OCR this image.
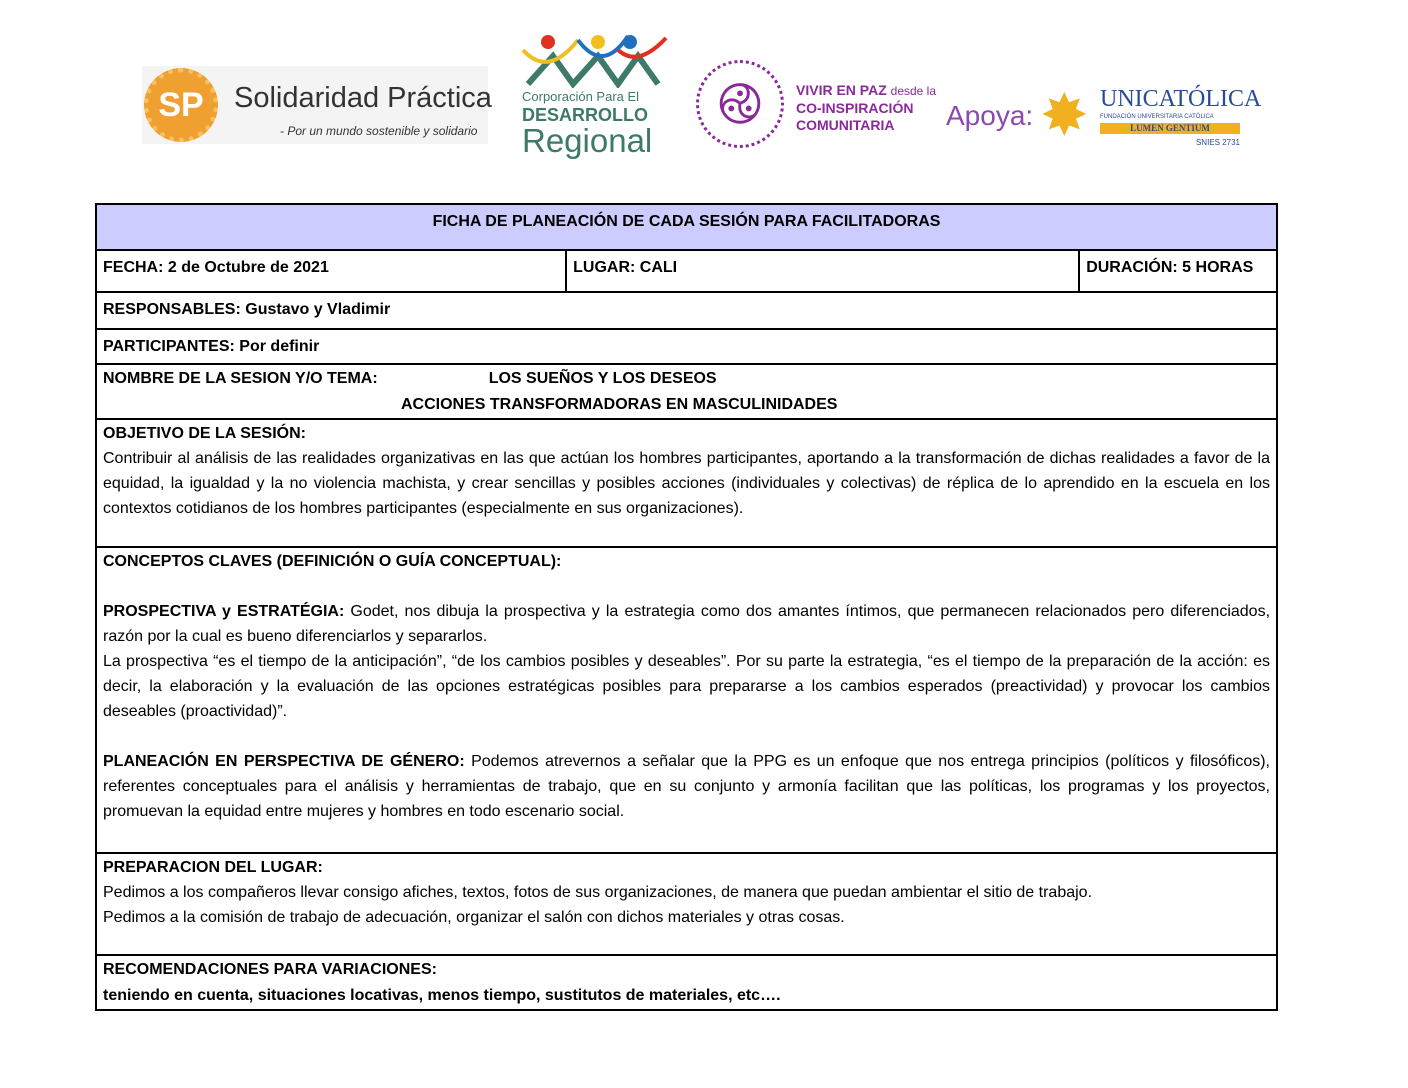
SP	Solidaridad Práctica
- Por un mundo sostenible y solidario
Corporación Para El
DESARROLLO
Regional
࿋	VIVIR EN PAZ desde la
CO-INSPIRACIÓN
COMUNITARIA	Apoya: ✸ UNICATÓLICA
FUNDACIÓN UNIVERSITARIA CATÓLICA
LUMEN GENTIUM
SNIES 2731
FICHA DE PLANEACIÓN DE CADA SESIÓN PARA FACILITADORAS
FECHA: 2 de Octubre de 2021	LUGAR: CALI	DURACIÓN: 5 HORAS
RESPONSABLES: Gustavo y Vladimir
PARTICIPANTES: Por definir
NOMBRE DE LA SESION Y/O TEMA:	LOS SUEÑOS Y LOS DESEOS
ACCIONES TRANSFORMADORAS EN MASCULINIDADES
OBJETIVO DE LA SESIÓN:
Contribuir al análisis de las realidades organizativas en las que actúan los hombres participantes, aportando a la transformación de dichas realidades a favor de la equidad, la igualdad y la no violencia machista, y crear sencillas y posibles acciones (individuales y colectivas) de réplica de lo aprendido en la escuela en los contextos cotidianos de los hombres participantes (especialmente en sus organizaciones).
CONCEPTOS CLAVES (DEFINICIÓN O GUÍA CONCEPTUAL):

PROSPECTIVA y ESTRATÉGIA: Godet, nos dibuja la prospectiva y la estrategia como dos amantes íntimos, que permanecen relacionados pero diferenciados, razón por la cual es bueno diferenciarlos y separarlos.
La prospectiva “es el tiempo de la anticipación”, “de los cambios posibles y deseables”. Por su parte la estrategia, “es el tiempo de la preparación de la acción: es decir, la elaboración y la evaluación de las opciones estratégicas posibles para prepararse a los cambios esperados (preactividad) y provocar los cambios deseables (proactividad)”.

PLANEACIÓN EN PERSPECTIVA DE GÉNERO: Podemos atrevernos a señalar que la PPG es un enfoque que nos entrega principios (políticos y filosóficos), referentes conceptuales para el análisis y herramientas de trabajo, que en su conjunto y armonía facilitan que las políticas, los programas y los proyectos, promuevan la equidad entre mujeres y hombres en todo escenario social.
PREPARACION DEL LUGAR:
Pedimos a los compañeros llevar consigo afiches, textos, fotos de sus organizaciones, de manera que puedan ambientar el sitio de trabajo.
Pedimos a la comisión de trabajo de adecuación, organizar el salón con dichos materiales y otras cosas.
RECOMENDACIONES PARA VARIACIONES:
teniendo en cuenta, situaciones locativas, menos tiempo, sustitutos de materiales, etc….
